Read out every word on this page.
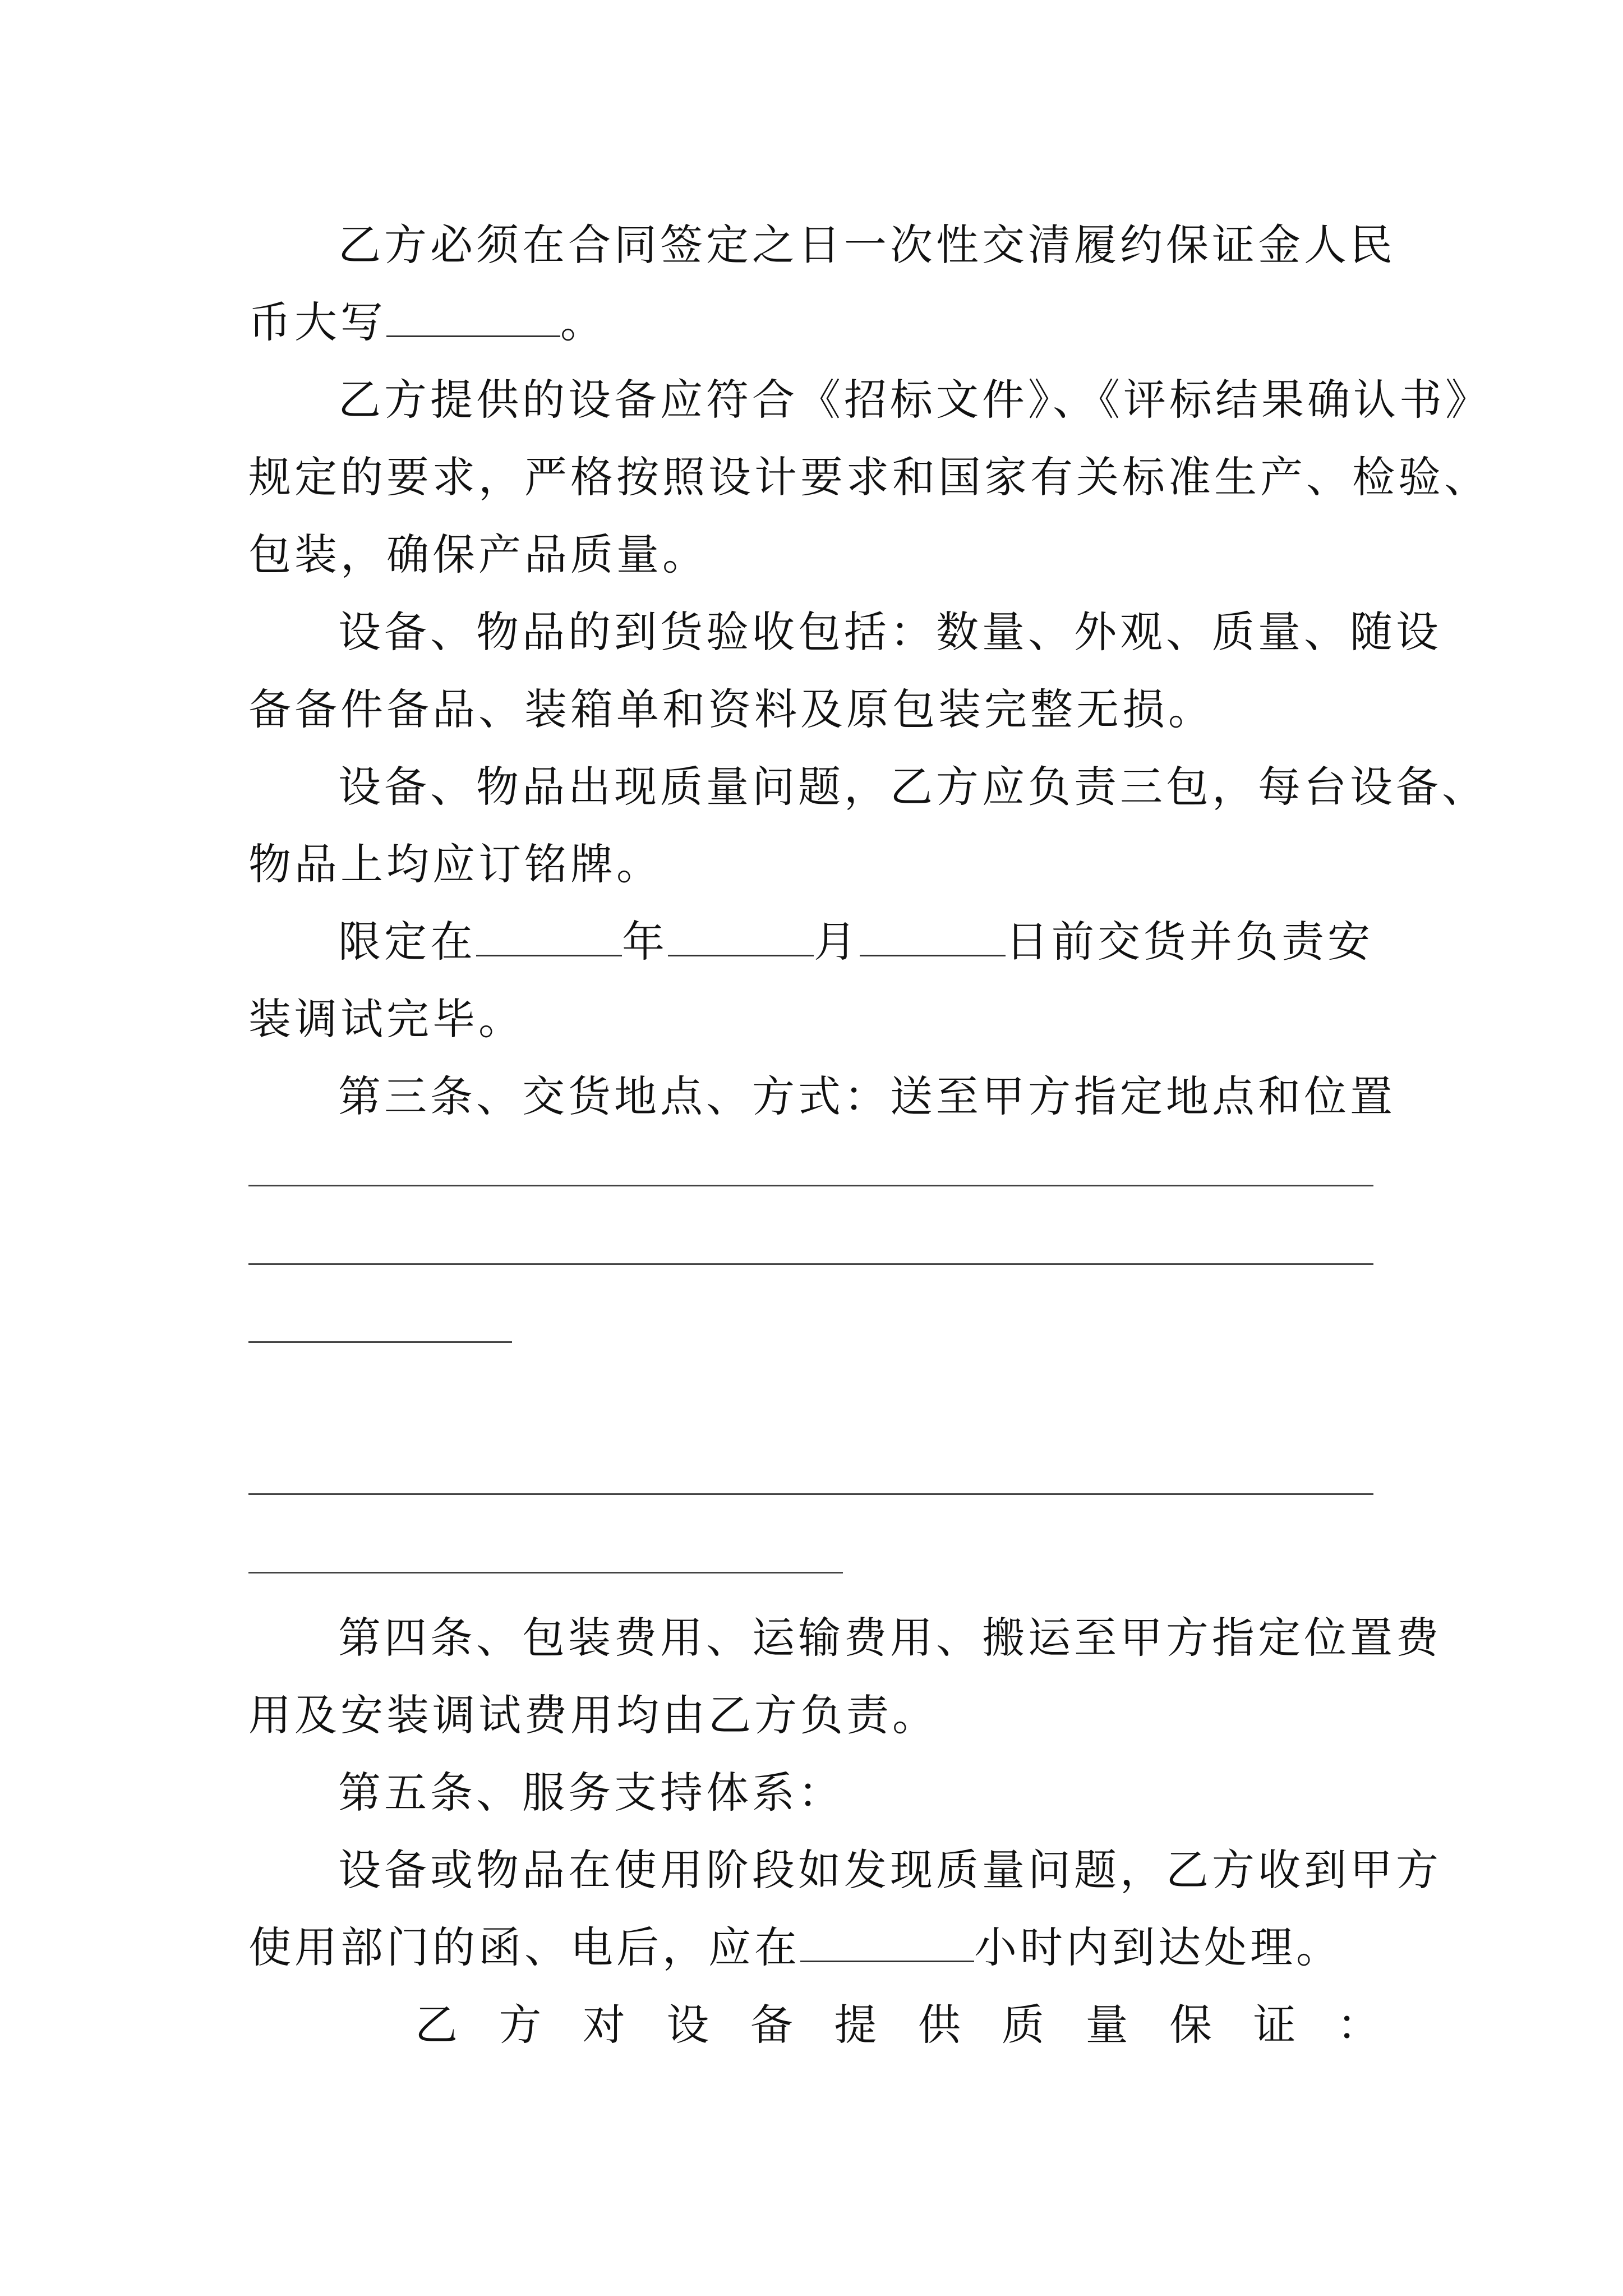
乙方必须在合同签定之日一次性交清履约保证金人民
币大写	。
乙方提供的设备应符合《招标文件》、《评标结果确认书》
规定的要求，严格按照设计要求和国家有关标准生产、检验、
包装，确保产品质量。
设备、物品的到货验收包括：数量、外观、质量、随设
备备件备品、装箱单和资料及原包装完整无损。
设备、物品出现质量问题，乙方应负责三包，每台设备、
物品上均应订铭牌。
限定在	年	月	日前交货并负责安
装调试完毕。
第三条、交货地点、方式：送至甲方指定地点和位置
第四条、包装费用、运输费用、搬运至甲方指定位置费
用及安装调试费用均由乙方负责。
第五条、服务支持体系：
设备或物品在使用阶段如发现质量问题，乙方收到甲方
使用部门的函、电后，应在	小时内到达处理。
乙 方 对 设 备 提 供 质 量 保 证 ：
